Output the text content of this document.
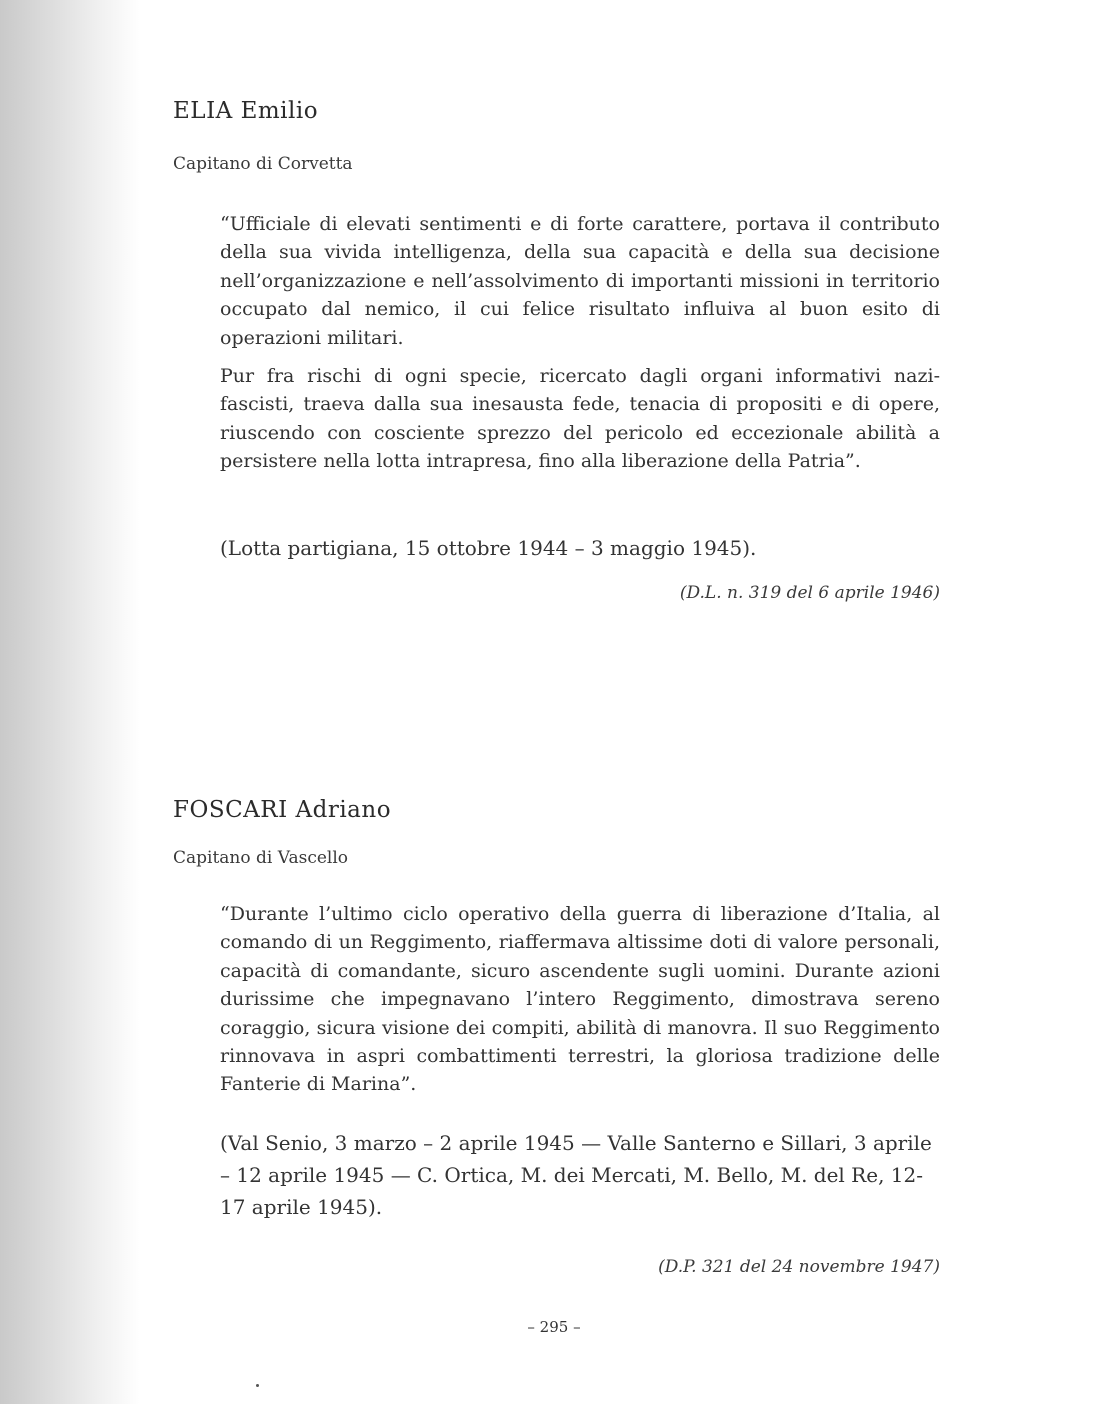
ELIA Emilio
Capitano di Corvetta

“Ufficiale di elevati sentimenti e di forte carattere, portava il contributo della sua vivida intelligenza, della sua capacità e della sua decisione nell’organizzazione e nell’assolvimento di importanti missioni in territorio occupato dal nemico, il cui felice risultato influiva al buon esito di operazioni militari.

Pur fra rischi di ogni specie, ricercato dagli organi informativi nazi-fascisti, traeva dalla sua inesausta fede, tenacia di propositi e di opere, riuscendo con cosciente sprezzo del pericolo ed eccezionale abilità a persistere nella lotta intrapresa, fino alla liberazione della Patria”.

(Lotta partigiana, 15 ottobre 1944 – 3 maggio 1945).
(D.L. n. 319 del 6 aprile 1946)
FOSCARI Adriano
Capitano di Vascello

“Durante l’ultimo ciclo operativo della guerra di liberazione d’Italia, al comando di un Reggimento, riaffermava altissime doti di valore personali, capacità di comandante, sicuro ascendente sugli uomini. Durante azioni durissime che impegnavano l’intero Reggimento, dimostrava sereno coraggio, sicura visione dei compiti, abilità di manovra. Il suo Reggimento rinnovava in aspri combattimenti terrestri, la gloriosa tradizione delle Fanterie di Marina”.

(Val Senio, 3 marzo – 2 aprile 1945 — Valle Santerno e Sillari, 3 aprile – 12 aprile 1945 — C. Ortica, M. dei Mercati, M. Bello, M. del Re, 12-17 aprile 1945).
(D.P. 321 del 24 novembre 1947)
– 295 –
